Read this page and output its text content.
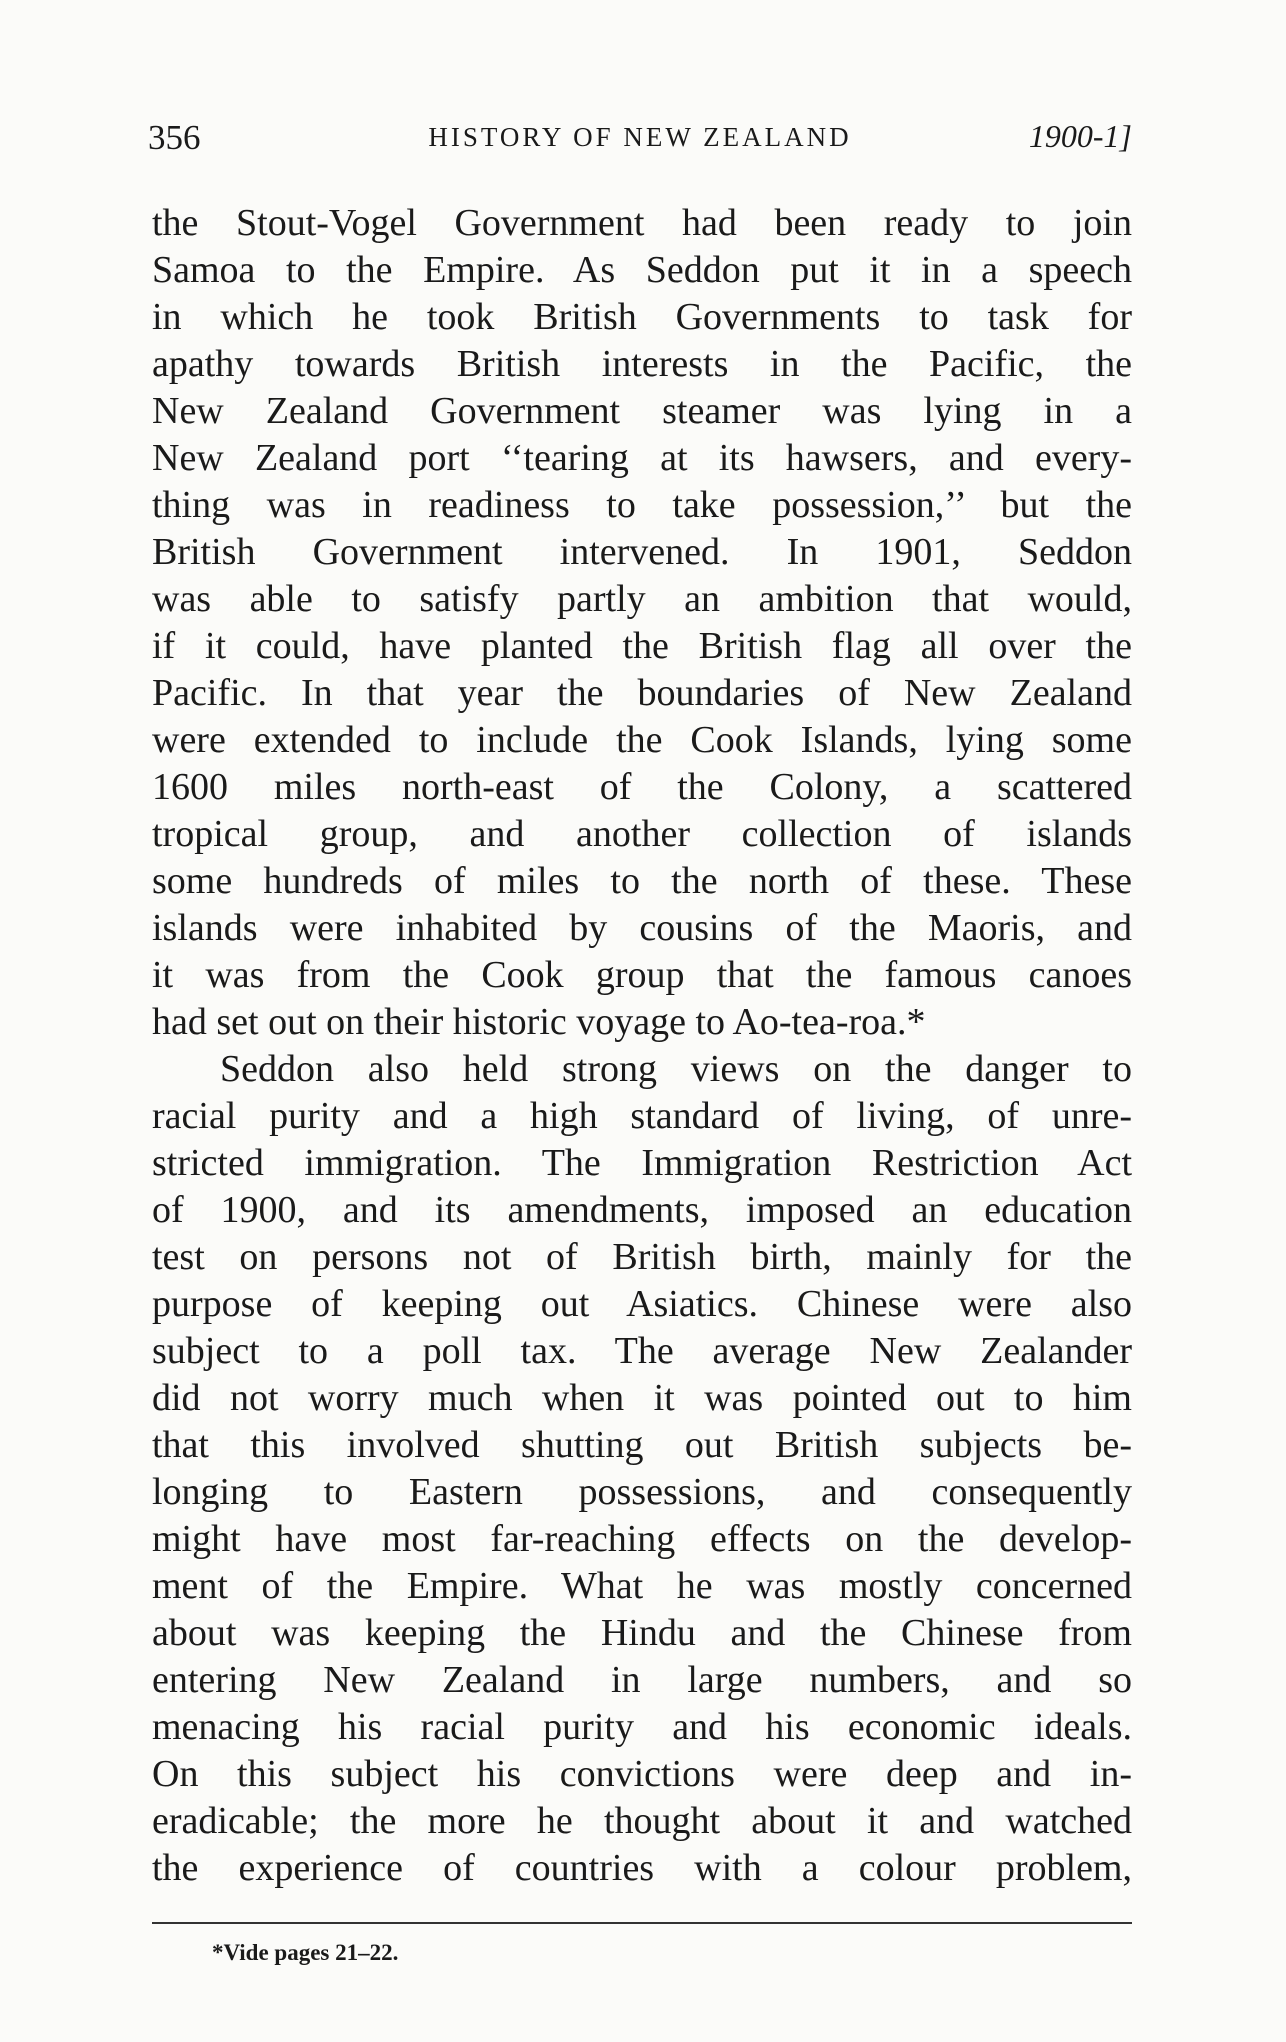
356	HISTORY OF NEW ZEALAND	1900-1]
the Stout-Vogel Government had been ready to join
Samoa to the Empire. As Seddon put it in a speech
in which he took British Governments to task for
apathy towards British interests in the Pacific, the
New Zealand Government steamer was lying in a
New Zealand port ‘‘tearing at its hawsers, and every-
thing was in readiness to take possession,’’ but the
British Government intervened. In 1901, Seddon
was able to satisfy partly an ambition that would,
if it could, have planted the British flag all over the
Pacific. In that year the boundaries of New Zealand
were extended to include the Cook Islands, lying some
1600 miles north-east of the Colony, a scattered
tropical group, and another collection of islands
some hundreds of miles to the north of these. These
islands were inhabited by cousins of the Maoris, and
it was from the Cook group that the famous canoes
had set out on their historic voyage to Ao-tea-roa.*
Seddon also held strong views on the danger to
racial purity and a high standard of living, of unre-
stricted immigration. The Immigration Restriction Act
of 1900, and its amendments, imposed an education
test on persons not of British birth, mainly for the
purpose of keeping out Asiatics. Chinese were also
subject to a poll tax. The average New Zealander
did not worry much when it was pointed out to him
that this involved shutting out British subjects be-
longing to Eastern possessions, and consequently
might have most far-reaching effects on the develop-
ment of the Empire. What he was mostly concerned
about was keeping the Hindu and the Chinese from
entering New Zealand in large numbers, and so
menacing his racial purity and his economic ideals.
On this subject his convictions were deep and in-
eradicable; the more he thought about it and watched
the experience of countries with a colour problem,
*Vide pages 21–22.
